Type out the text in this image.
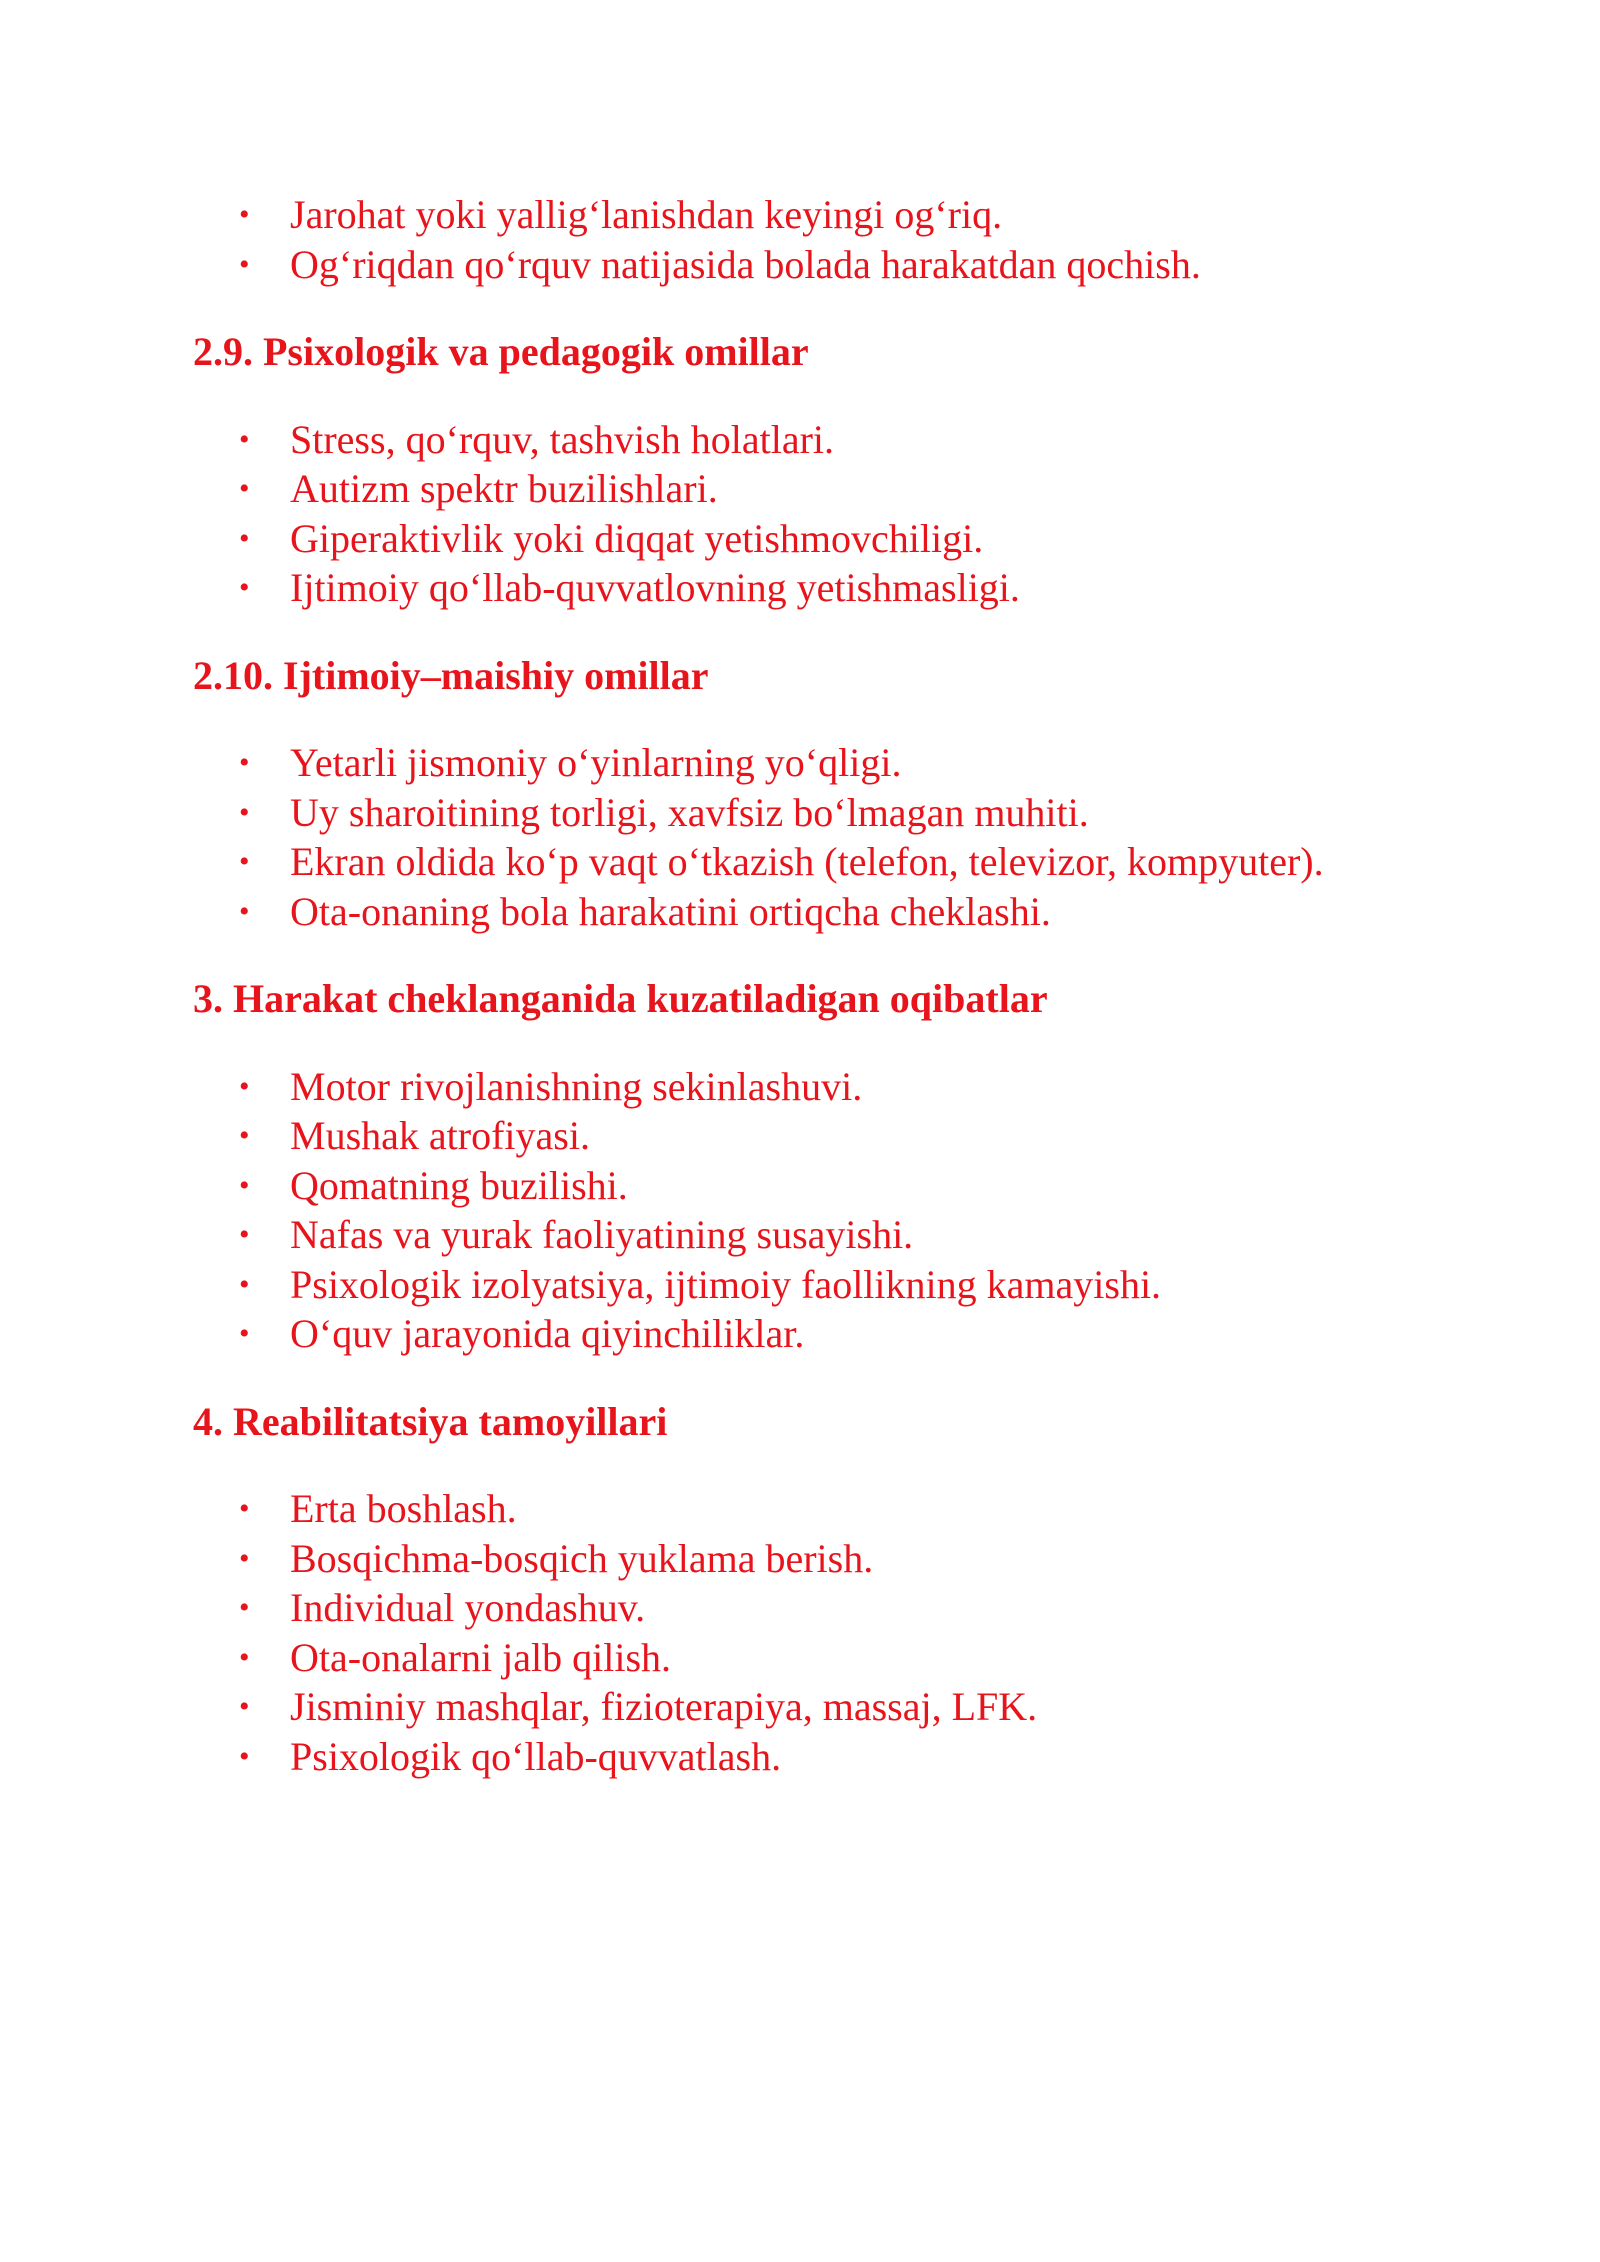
• Jarohat yoki yallig‘lanishdan keyingi og‘riq.
• Og‘riqdan qo‘rquv natijasida bolada harakatdan qochish.
2.9. Psixologik va pedagogik omillar
• Stress, qo‘rquv, tashvish holatlari.
• Autizm spektr buzilishlari.
• Giperaktivlik yoki diqqat yetishmovchiligi.
• Ijtimoiy qo‘llab-quvvatlovning yetishmasligi.
2.10. Ijtimoiy–maishiy omillar
• Yetarli jismoniy o‘yinlarning yo‘qligi.
• Uy sharoitining torligi, xavfsiz bo‘lmagan muhiti.
• Ekran oldida ko‘p vaqt o‘tkazish (telefon, televizor, kompyuter).
• Ota-onaning bola harakatini ortiqcha cheklashi.
3. Harakat cheklanganida kuzatiladigan oqibatlar
• Motor rivojlanishning sekinlashuvi.
• Mushak atrofiyasi.
• Qomatning buzilishi.
• Nafas va yurak faoliyatining susayishi.
• Psixologik izolyatsiya, ijtimoiy faollikning kamayishi.
• O‘quv jarayonida qiyinchiliklar.
4. Reabilitatsiya tamoyillari
• Erta boshlash.
• Bosqichma-bosqich yuklama berish.
• Individual yondashuv.
• Ota-onalarni jalb qilish.
• Jisminiy mashqlar, fizioterapiya, massaj, LFK.
• Psixologik qo‘llab-quvvatlash.
